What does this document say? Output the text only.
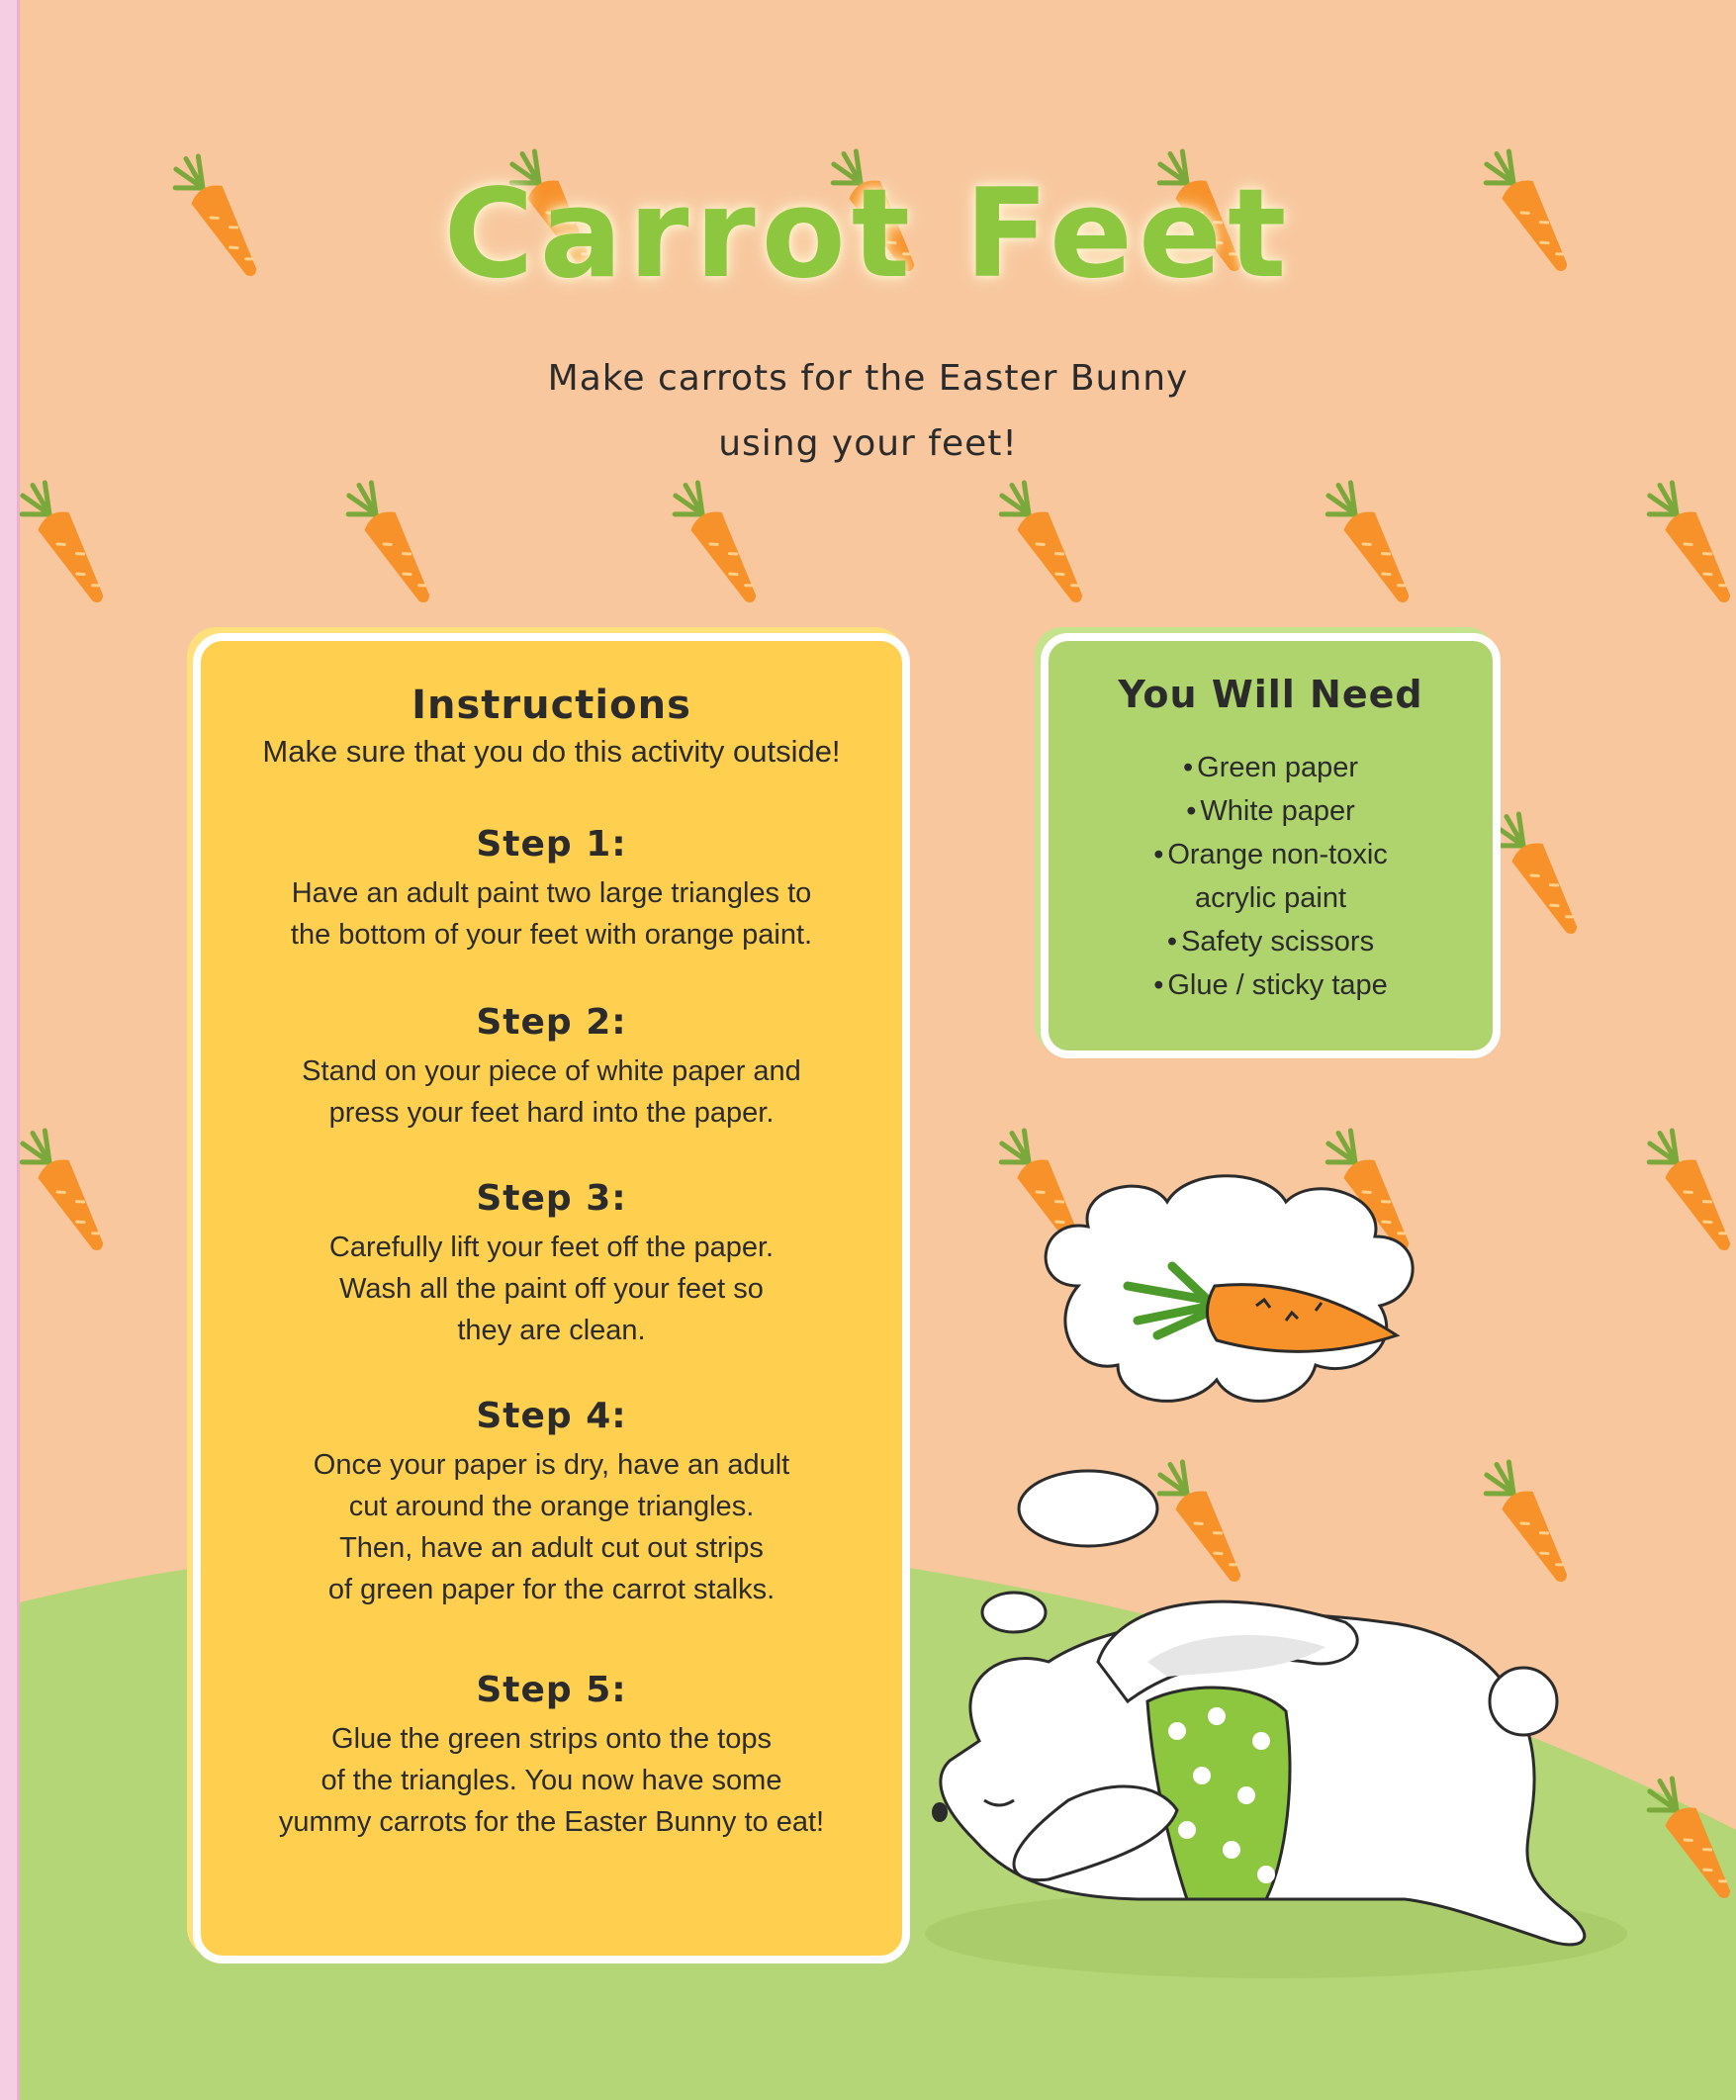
Carrot Feet
Make carrots for the Easter Bunny
using your feet!
Instructions
Make sure that you do this activity outside!
Step 1:
Have an adult paint two large triangles to
the bottom of your feet with orange paint.
Step 2:
Stand on your piece of white paper and
press your feet hard into the paper.
Step 3:
Carefully lift your feet off the paper.
Wash all the paint off your feet so
they are clean.
Step 4:
Once your paper is dry, have an adult
cut around the orange triangles.
Then, have an adult cut out strips
of green paper for the carrot stalks.
Step 5:
Glue the green strips onto the tops
of the triangles. You now have some
yummy carrots for the Easter Bunny to eat!
You Will Need
• Green paper
• White paper
• Orange non-toxic
acrylic paint
• Safety scissors
• Glue / sticky tape
